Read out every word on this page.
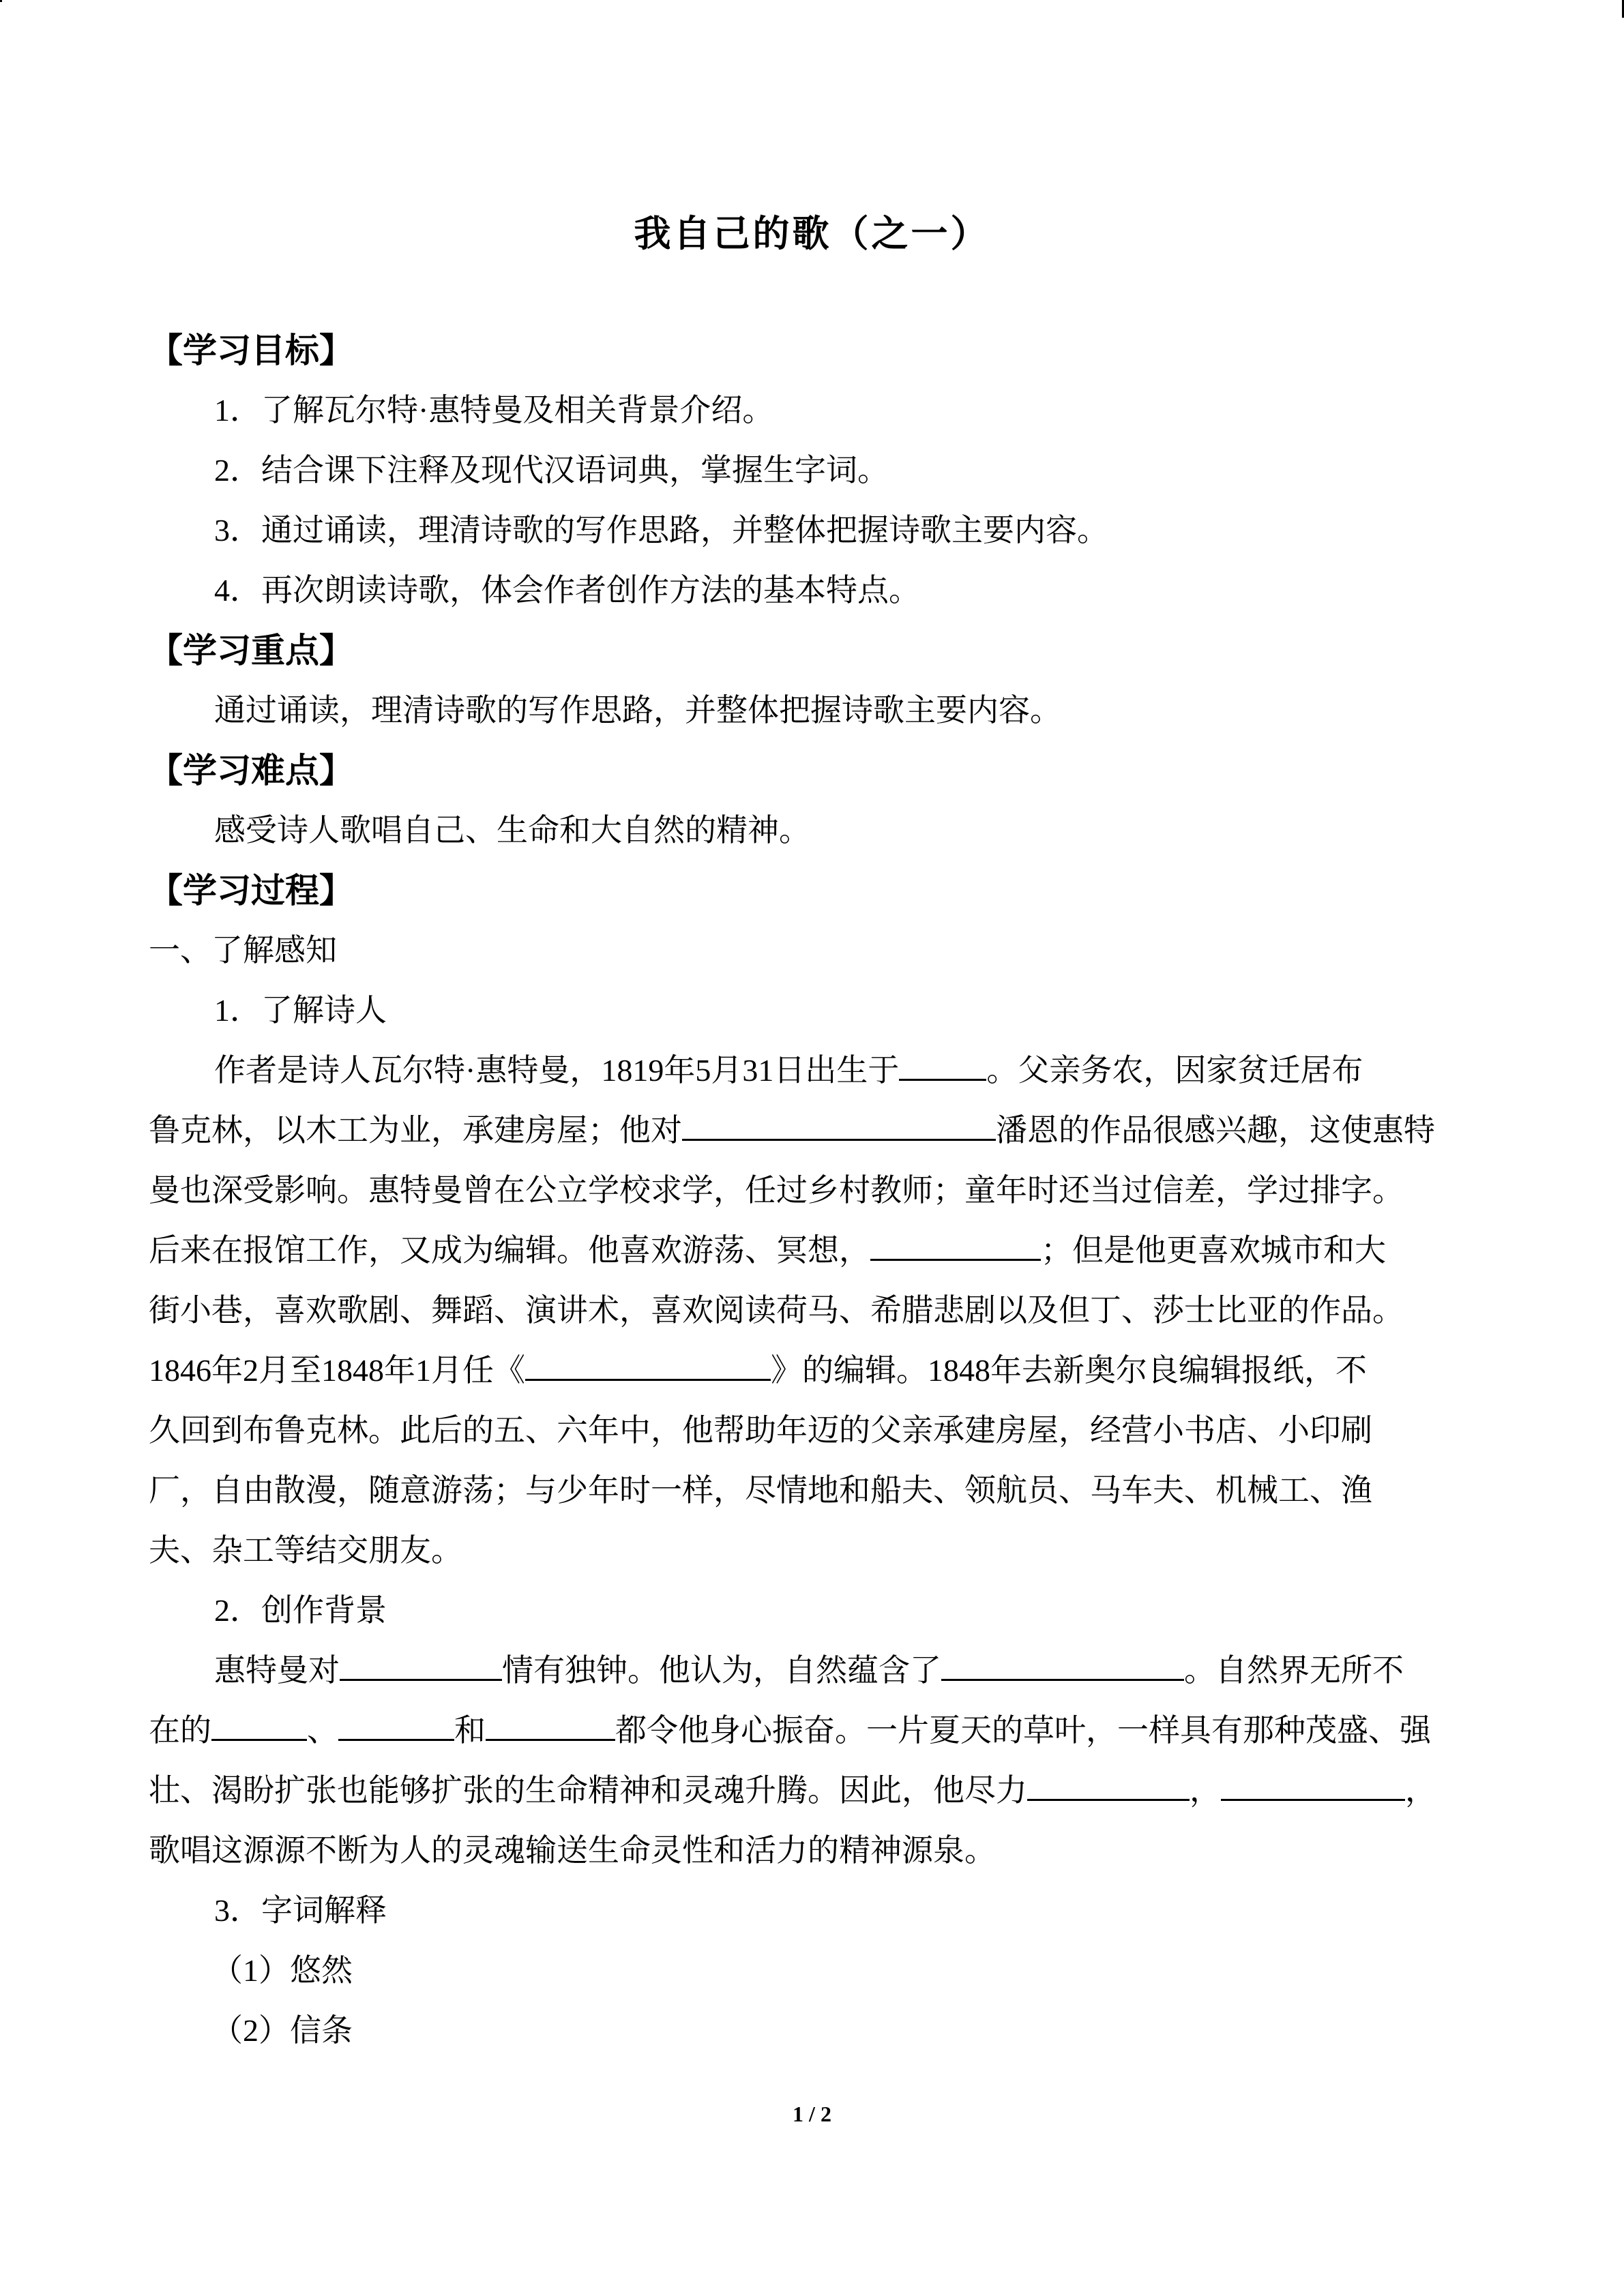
我自己的歌（之一）
【学习目标】
1．了解瓦尔特·惠特曼及相关背景介绍。
2．结合课下注释及现代汉语词典，掌握生字词。
3．通过诵读，理清诗歌的写作思路，并整体把握诗歌主要内容。
4．再次朗读诗歌，体会作者创作方法的基本特点。
【学习重点】
通过诵读，理清诗歌的写作思路，并整体把握诗歌主要内容。
【学习难点】
感受诗人歌唱自己、生命和大自然的精神。
【学习过程】
一、了解感知
1．了解诗人
作者是诗人瓦尔特·惠特曼，1819年5月31日出生于	。父亲务农，因家贫迁居布
鲁克林，以木工为业，承建房屋；他对	潘恩的作品很感兴趣，这使惠特
曼也深受影响。惠特曼曾在公立学校求学，任过乡村教师；童年时还当过信差，学过排字。
后来在报馆工作，又成为编辑。他喜欢游荡、冥想，	；但是他更喜欢城市和大
街小巷，喜欢歌剧、舞蹈、演讲术，喜欢阅读荷马、希腊悲剧以及但丁、莎士比亚的作品。
1846年2月至1848年1月任《	》的编辑。1848年去新奥尔良编辑报纸，不
久回到布鲁克林。此后的五、六年中，他帮助年迈的父亲承建房屋，经营小书店、小印刷
厂，自由散漫，随意游荡；与少年时一样，尽情地和船夫、领航员、马车夫、机械工、渔
夫、杂工等结交朋友。
2．创作背景
惠特曼对	情有独钟。他认为，自然蕴含了	。自然界无所不
在的	、	和	都令他身心振奋。一片夏天的草叶，一样具有那种茂盛、强
壮、渴盼扩张也能够扩张的生命精神和灵魂升腾。因此，他尽力	，	，
歌唱这源源不断为人的灵魂输送生命灵性和活力的精神源泉。
3．字词解释
（1）悠然
（2）信条
1 / 2
